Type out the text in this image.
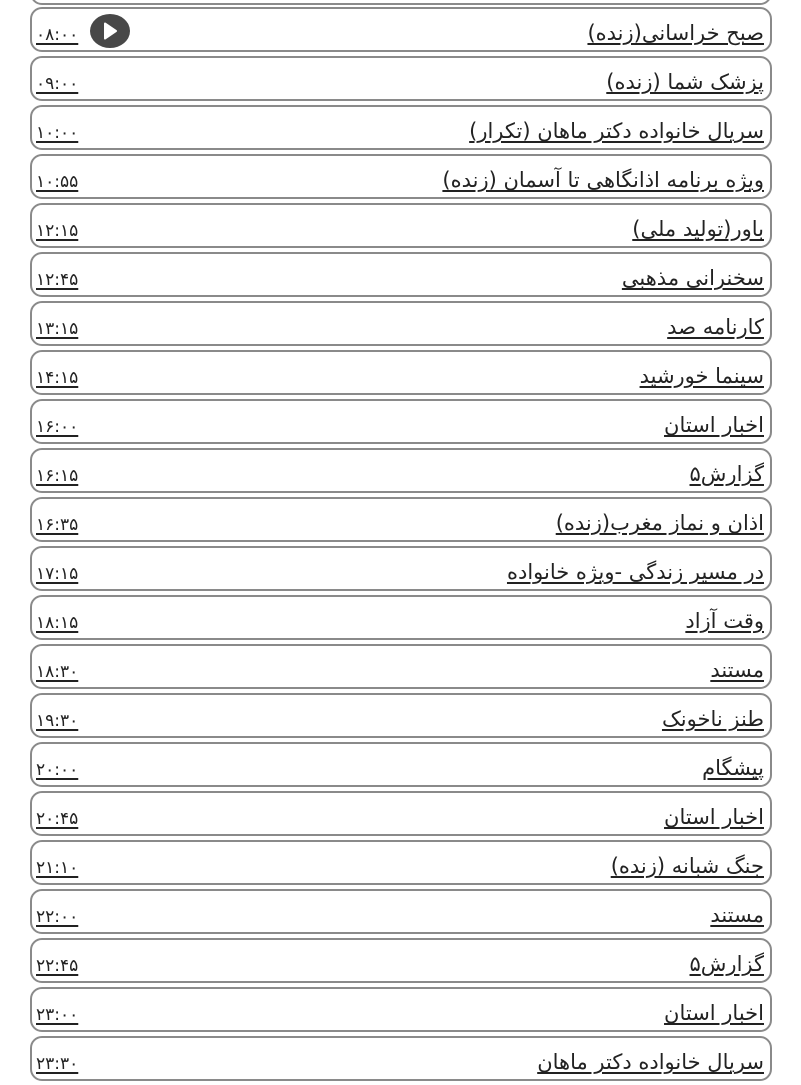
صبح خراسانی(زنده)
۰۸:۰۰
پزشک شما (زنده)
۰۹:۰۰
سریال خانواده دکتر ماهان (تکرار)
۱۰:۰۰
ویژه برنامه اذانگاهی تا آسمان (زنده)
۱۰:۵۵
باور(تولید ملی)
۱۲:۱۵
سخنرانی مذهبی
۱۲:۴۵
کارنامه صد
۱۳:۱۵
سینما خورشید
۱۴:۱۵
اخبار استان
۱۶:۰۰
گزارش۵
۱۶:۱۵
اذان و نماز مغرب(زنده)
۱۶:۳۵
در مسیر زندگی -ویژه خانواده
۱۷:۱۵
وقت آزاد
۱۸:۱۵
مستند
۱۸:۳۰
طنز ناخونک
۱۹:۳۰
پیشگام
۲۰:۰۰
اخبار استان
۲۰:۴۵
جنگ شبانه (زنده)
۲۱:۱۰
مستند
۲۲:۰۰
گزارش۵
۲۲:۴۵
اخبار استان
۲۳:۰۰
سریال خانواده دکتر ماهان
۲۳:۳۰
